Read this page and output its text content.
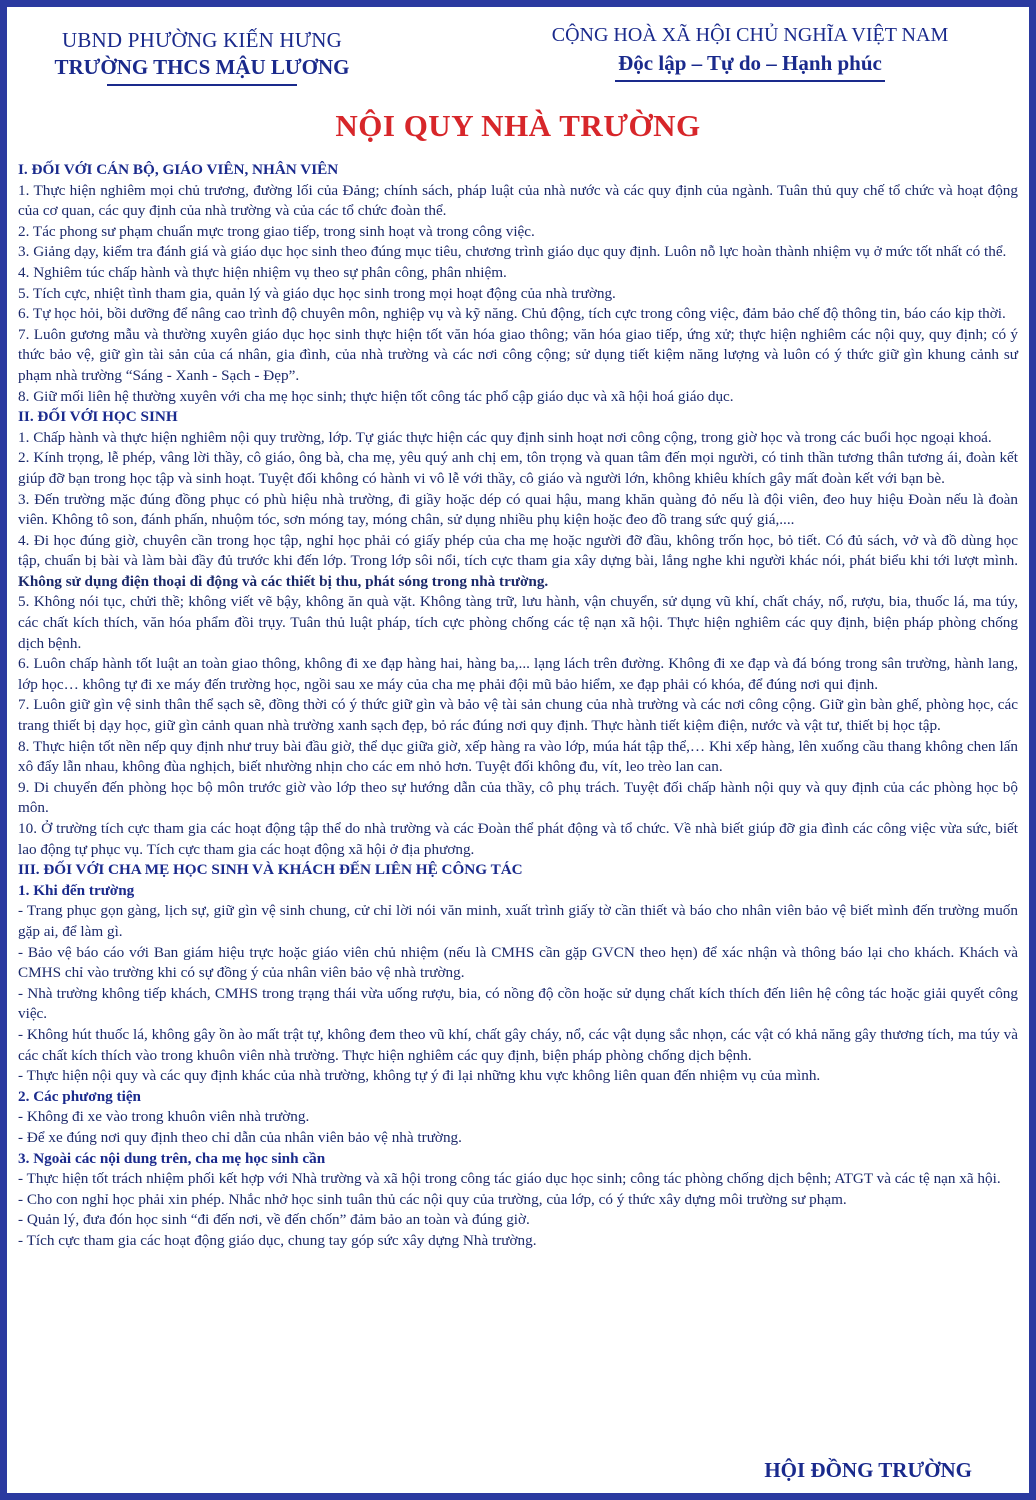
UBND PHƯỜNG KIẾN HƯNG
TRƯỜNG THCS MẬU LƯƠNG
CỘNG HOÀ XÃ HỘI CHỦ NGHĨA VIỆT NAM
Độc lập – Tự do – Hạnh phúc
NỘI QUY NHÀ TRƯỜNG

I. ĐỐI VỚI CÁN BỘ, GIÁO VIÊN, NHÂN VIÊN

1. Thực hiện nghiêm mọi chủ trương, đường lối của Đảng; chính sách, pháp luật của nhà nước và các quy định của ngành. Tuân thủ quy chế tổ chức và hoạt động của cơ quan, các quy định của nhà trường và của các tổ chức đoàn thể.

2. Tác phong sư phạm chuẩn mực trong giao tiếp, trong sinh hoạt và trong công việc.

3. Giảng dạy, kiểm tra đánh giá và giáo dục học sinh theo đúng mục tiêu, chương trình giáo dục quy định. Luôn nỗ lực hoàn thành nhiệm vụ ở mức tốt nhất có thể.

4. Nghiêm túc chấp hành và thực hiện nhiệm vụ theo sự phân công, phân nhiệm.

5. Tích cực, nhiệt tình tham gia, quản lý và giáo dục học sinh trong mọi hoạt động của nhà trường.

6. Tự học hỏi, bồi dưỡng để nâng cao trình độ chuyên môn, nghiệp vụ và kỹ năng. Chủ động, tích cực trong công việc, đảm bảo chế độ thông tin, báo cáo kịp thời.

7. Luôn gương mẫu và thường xuyên giáo dục học sinh thực hiện tốt văn hóa giao thông; văn hóa giao tiếp, ứng xử; thực hiện nghiêm các nội quy, quy định; có ý thức bảo vệ, giữ gìn tài sản của cá nhân, gia đình, của nhà trường và các nơi công cộng; sử dụng tiết kiệm năng lượng và luôn có ý thức giữ gìn khung cảnh sư phạm nhà trường “Sáng - Xanh - Sạch - Đẹp”.

8. Giữ mối liên hệ thường xuyên với cha mẹ học sinh; thực hiện tốt công tác phổ cập giáo dục và xã hội hoá giáo dục.

II. ĐỐI VỚI HỌC SINH

1. Chấp hành và thực hiện nghiêm nội quy trường, lớp. Tự giác thực hiện các quy định sinh hoạt nơi công cộng, trong giờ học và trong các buổi học ngoại khoá.

2. Kính trọng, lễ phép, vâng lời thầy, cô giáo, ông bà, cha mẹ, yêu quý anh chị em, tôn trọng và quan tâm đến mọi người, có tinh thần tương thân tương ái, đoàn kết giúp đỡ bạn trong học tập và sinh hoạt. Tuyệt đối không có hành vi vô lễ với thầy, cô giáo và người lớn, không khiêu khích gây mất đoàn kết với bạn bè.

3. Đến trường mặc đúng đồng phục có phù hiệu nhà trường, đi giầy hoặc dép có quai hậu, mang khăn quàng đỏ nếu là đội viên, đeo huy hiệu Đoàn nếu là đoàn viên. Không tô son, đánh phấn, nhuộm tóc, sơn móng tay, móng chân, sử dụng nhiều phụ kiện hoặc đeo đồ trang sức quý giá,....

4. Đi học đúng giờ, chuyên cần trong học tập, nghỉ học phải có giấy phép của cha mẹ hoặc người đỡ đầu, không trốn học, bỏ tiết. Có đủ sách, vở và đồ dùng học tập, chuẩn bị bài và làm bài đầy đủ trước khi đến lớp. Trong lớp sôi nổi, tích cực tham gia xây dựng bài, lắng nghe khi người khác nói, phát biểu khi tới lượt mình. Không sử dụng điện thoại di động và các thiết bị thu, phát sóng trong nhà trường.

5. Không nói tục, chửi thề; không viết vẽ bậy, không ăn quà vặt. Không tàng trữ, lưu hành, vận chuyển, sử dụng vũ khí, chất cháy, nổ, rượu, bia, thuốc lá, ma túy, các chất kích thích, văn hóa phẩm đồi trụy. Tuân thủ luật pháp, tích cực phòng chống các tệ nạn xã hội. Thực hiện nghiêm các quy định, biện pháp phòng chống dịch bệnh.

6. Luôn chấp hành tốt luật an toàn giao thông, không đi xe đạp hàng hai, hàng ba,... lạng lách trên đường. Không đi xe đạp và đá bóng trong sân trường, hành lang, lớp học… không tự đi xe máy đến trường học, ngồi sau xe máy của cha mẹ phải đội mũ bảo hiểm, xe đạp phải có khóa, để đúng nơi qui định.

7. Luôn giữ gìn vệ sinh thân thể sạch sẽ, đồng thời có ý thức giữ gìn và bảo vệ tài sản chung của nhà trường và các nơi công cộng. Giữ gìn bàn ghế, phòng học, các trang thiết bị dạy học, giữ gìn cảnh quan nhà trường xanh sạch đẹp, bỏ rác đúng nơi quy định. Thực hành tiết kiệm điện, nước và vật tư, thiết bị học tập.

8. Thực hiện tốt nền nếp quy định như truy bài đầu giờ, thể dục giữa giờ, xếp hàng ra vào lớp, múa hát tập thể,… Khi xếp hàng, lên xuống cầu thang không chen lấn xô đẩy lẫn nhau, không đùa nghịch, biết nhường nhịn cho các em nhỏ hơn. Tuyệt đối không đu, vít, leo trèo lan can.

9. Di chuyển đến phòng học bộ môn trước giờ vào lớp theo sự hướng dẫn của thầy, cô phụ trách. Tuyệt đối chấp hành nội quy và quy định của các phòng học bộ môn.

10. Ở trường tích cực tham gia các hoạt động tập thể do nhà trường và các Đoàn thể phát động và tổ chức. Về nhà biết giúp đỡ gia đình các công việc vừa sức, biết lao động tự phục vụ. Tích cực tham gia các hoạt động xã hội ở địa phương.

III. ĐỐI VỚI CHA MẸ HỌC SINH VÀ KHÁCH ĐẾN LIÊN HỆ CÔNG TÁC

1. Khi đến trường

- Trang phục gọn gàng, lịch sự, giữ gìn vệ sinh chung, cử chỉ lời nói văn minh, xuất trình giấy tờ cần thiết và báo cho nhân viên bảo vệ biết mình đến trường muốn gặp ai, để làm gì.

- Bảo vệ báo cáo với Ban giám hiệu trực hoặc giáo viên chủ nhiệm (nếu là CMHS cần gặp GVCN theo hẹn) để xác nhận và thông báo lại cho khách. Khách và CMHS chỉ vào trường khi có sự đồng ý của nhân viên bảo vệ nhà trường.

- Nhà trường không tiếp khách, CMHS trong trạng thái vừa uống rượu, bia, có nồng độ cồn hoặc sử dụng chất kích thích đến liên hệ công tác hoặc giải quyết công việc.

- Không hút thuốc lá, không gây ồn ào mất trật tự, không đem theo vũ khí, chất gây cháy, nổ, các vật dụng sắc nhọn, các vật có khả năng gây thương tích, ma túy và các chất kích thích vào trong khuôn viên nhà trường. Thực hiện nghiêm các quy định, biện pháp phòng chống dịch bệnh.

- Thực hiện nội quy và các quy định khác của nhà trường, không tự ý đi lại những khu vực không liên quan đến nhiệm vụ của mình.

2. Các phương tiện

- Không đi xe vào trong khuôn viên nhà trường.

- Để xe đúng nơi quy định theo chỉ dẫn của nhân viên bảo vệ nhà trường.

3. Ngoài các nội dung trên, cha mẹ học sinh cần

- Thực hiện tốt trách nhiệm phối kết hợp với Nhà trường và xã hội trong công tác giáo dục học sinh; công tác phòng chống dịch bệnh; ATGT và các tệ nạn xã hội.

- Cho con nghỉ học phải xin phép. Nhắc nhở học sinh tuân thủ các nội quy của trường, của lớp, có ý thức xây dựng môi trường sư phạm.

- Quản lý, đưa đón học sinh “đi đến nơi, về đến chốn” đảm bảo an toàn và đúng giờ.

- Tích cực tham gia các hoạt động giáo dục, chung tay góp sức xây dựng Nhà trường.

HỘI ĐỒNG TRƯỜNG
